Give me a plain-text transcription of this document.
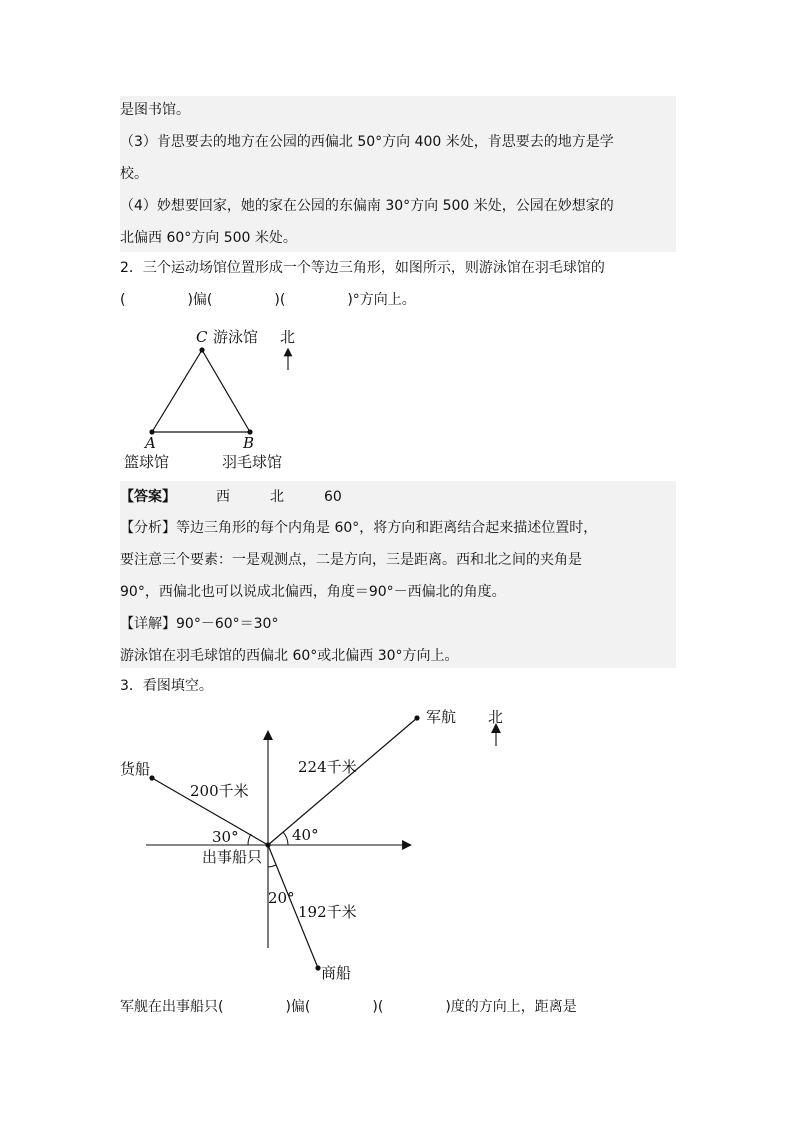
是图书馆。
（3）肯思要去的地方在公园的西偏北 50°方向 400 米处，肯思要去的地方是学
校。
（4）妙想要回家，她的家在公园的东偏南 30°方向 500 米处，公园在妙想家的
北偏西 60°方向 500 米处。
2．三个运动场馆位置形成一个等边三角形，如图所示，则游泳馆在羽毛球馆的
(	)偏(	)(	)°方向上。
C 游泳馆 北
A	B
篮球馆	羽毛球馆
【答案】	西	北	60
【分析】等边三角形的每个内角是 60°，将方向和距离结合起来描述位置时，
要注意三个要素：一是观测点，二是方向，三是距离。西和北之间的夹角是
90°，西偏北也可以说成北偏西，角度＝90°－西偏北的角度。
【详解】90°－60°＝30°
游泳馆在羽毛球馆的西偏北 60°或北偏西 30°方向上。
3．看图填空。
货船
200千米
军航
224千米
北
30°	40°
出事船只
20°
192千米
商船
军舰在出事船只(	)偏(	)(	)度的方向上，距离是
